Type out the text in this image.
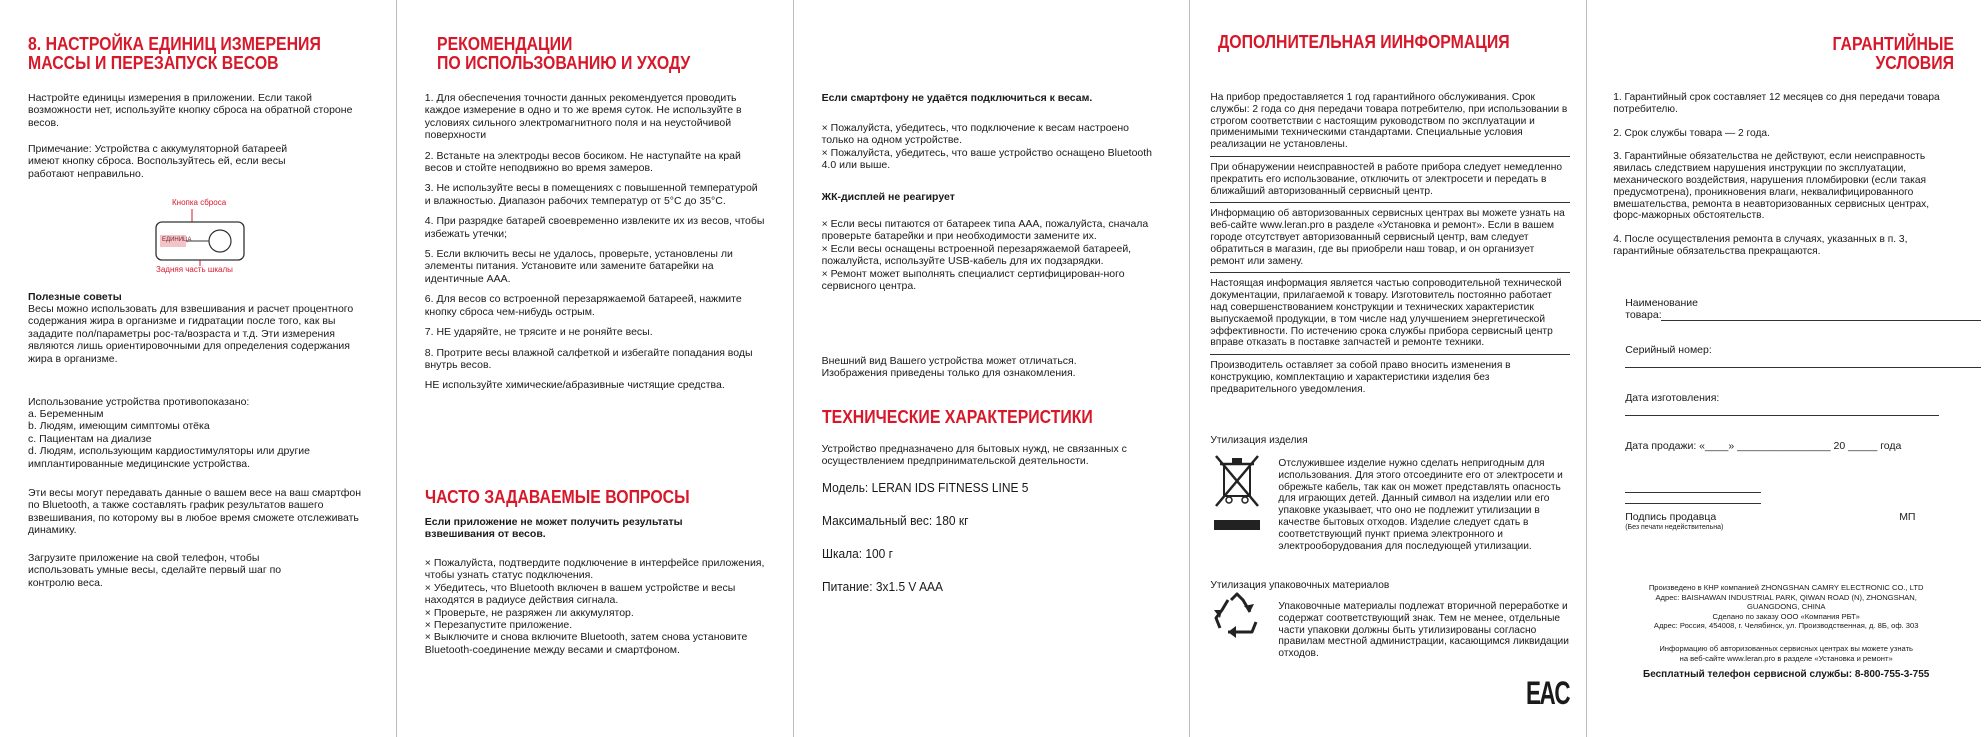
8. НАСТРОЙКА ЕДИНИЦ ИЗМЕРЕНИЯ
МАССЫ И ПЕРЕЗАПУСК ВЕСОВ

Настройте единицы измерения в приложении. Если такой возможности нет, используйте кнопку сброса на обратной стороне весов.

Примечание: Устройства с аккумуляторной батареей имеют кнопку сброса. Воспользуйтесь ей, если весы работают неправильно.

Кнопка сброса
ЕДИНИЦА
Задняя часть шкалы

Полезные советы

Весы можно использовать для взвешивания и расчет процентного содержания жира в организме и гидратации после того, как вы зададите пол/параметры рос-та/возраста и т.д. Эти измерения являются лишь ориентировочными для определения содержания жира в организме.

Использование устройства противопоказано:

a. Беременным

b. Людям, имеющим симптомы отёка

c. Пациентам на диализе

d. Людям, использующим кардиостимуляторы или другие имплантированные медицинские устройства.

Эти весы могут передавать данные о вашем весе на ваш смартфон по Bluetooth, а также составлять график результатов вашего взвешивания, по которому вы в любое время сможете отслеживать динамику.

Загрузите приложение на свой телефон, чтобы использовать умные весы, сделайте первый шаг по контролю веса.

РЕКОМЕНДАЦИИ
ПО ИСПОЛЬЗОВАНИЮ И УХОДУ

1. Для обеспечения точности данных рекомендуется проводить каждое измерение в одно и то же время суток. Не используйте в условиях сильного электромагнитного поля и на неустойчивой поверхности

2. Встаньте на электроды весов босиком. Не наступайте на край весов и стойте неподвижно во время замеров.

3. Не используйте весы в помещениях с повышенной температурой и влажностью. Диапазон рабочих температур от 5°С до 35°С.

4. При разрядке батарей своевременно извлеките их из весов, чтобы избежать утечки;

5. Если включить весы не удалось, проверьте, установлены ли элементы питания. Установите или замените батарейки на идентичные ААА.

6. Для весов со встроенной перезаряжаемой батареей, нажмите кнопку сброса чем-нибудь острым.

7. НЕ ударяйте, не трясите и не роняйте весы.

8. Протрите весы влажной салфеткой и избегайте попадания воды внутрь весов.

НЕ используйте химические/абразивные чистящие средства.

ЧАСТО ЗАДАВАЕМЫЕ ВОПРОСЫ

Если приложение не может получить результаты взвешивания от весов.

× Пожалуйста, подтвердите подключение в интерфейсе приложения, чтобы узнать статус подключения.

× Убедитесь, что Bluetooth включен в вашем устройстве и весы находятся в радиусе действия сигнала.

× Проверьте, не разряжен ли аккумулятор.

× Перезапустите приложение.

× Выключите и снова включите Bluetooth, затем снова установите Bluetooth-соединение между весами и смартфоном.

Если смартфону не удаётся подключиться к весам.

× Пожалуйста, убедитесь, что подключение к весам настроено только на одном устройстве.

× Пожалуйста, убедитесь, что ваше устройство оснащено Bluetooth 4.0 или выше.

ЖК-дисплей не реагирует

× Если весы питаются от батареек типа AAA, пожалуйста, сначала проверьте батарейки и при необходимости замените их.

× Если весы оснащены встроенной перезаряжаемой батареей, пожалуйста, используйте USB-кабель для их подзарядки.

× Ремонт может выполнять специалист сертифицирован-ного сервисного центра.

Внешний вид Вашего устройства может отличаться. Изображения приведены только для ознакомления.

ТЕХНИЧЕСКИЕ ХАРАКТЕРИСТИКИ

Устройство предназначено для бытовых нужд, не связанных с осуществлением предпринимательской деятельности.

Модель: LERAN IDS FITNESS LINE 5

Максимальный вес: 180 кг

Шкала: 100 г

Питание: 3х1.5 V AAA

ДОПОЛНИТЕЛЬНАЯ ИИНФОРМАЦИЯ

На прибор предоставляется 1 год гарантийного обслуживания. Срок службы: 2 года со дня передачи товара потребителю, при использовании в строгом соответствии с настоящим руководством по эксплуатации и применимыми техническими стандартами. Специальные условия реализации не установлены.

При обнаружении неисправностей в работе прибора следует немедленно прекратить его использование, отключить от электросети и передать в ближайший авторизованный сервисный центр.

Информацию об авторизованных сервисных центрах вы можете узнать на веб-сайте www.leran.pro в разделе «Установка и ремонт». Если в вашем городе отсутствует авторизованный сервисный центр, вам следует обратиться в магазин, где вы приобрели наш товар, и он организует ремонт или замену.

Настоящая информация является частью сопроводительной технической документации, прилагаемой к товару. Изготовитель постоянно работает над совершенствованием конструкции и технических характеристик выпускаемой продукции, в том числе над улучшением энергетической эффективности. По истечению срока службы прибора сервисный центр вправе отказать в поставке запчастей и ремонте техники.

Производитель оставляет за собой право вносить изменения в конструкцию, комплектацию и характеристики изделия без предварительного уведомления.

Утилизация изделия

Отслужившее изделие нужно сделать непригодным для использования. Для этого отсоедините его от электросети и обрежьте кабель, так как он может представлять опасность для играющих детей. Данный символ на изделии или его упаковке указывает, что оно не подлежит утилизации в качестве бытовых отходов. Изделие следует сдать в соответствующий пункт приема электронного и электрооборудования для последующей утилизации.

Утилизация упаковочных материалов

Упаковочные материалы подлежат вторичной переработке и содержат соответствующий знак. Тем не менее, отдельные части упаковки должны быть утилизированы согласно правилам местной администрации, касающимся ликвидации отходов.

EAC
ГАРАНТИЙНЫЕ
УСЛОВИЯ

1. Гарантийный срок составляет 12 месяцев со дня передачи товара потребителю.

2. Срок службы товара — 2 года.

3. Гарантийные обязательства не действуют, если неисправность явилась следствием нарушения инструкции по эксплуатации, механического воздействия, нарушения пломбировки (если такая предусмотрена), проникновения влаги, неквалифицированного вмешательства, ремонта в неавторизованных сервисных центрах, форс-мажорных обстоятельств.

4. После осуществления ремонта в случаях, указанных в п. 3, гарантийные обязательства прекращаются.

Наименование

товара:

Серийный номер:

Дата изготовления:

Дата продажи: «____» ________________ 20 _____ года

Подпись продавца

(Без печати недействительна)

МП

Произведено в КНР компанией ZHONGSHAN CAMRY ELECTRONIC CO., LTD

Адрес: BAISHAWAN INDUSTRIAL PARK, QIWAN ROAD (N), ZHONGSHAN,

GUANGDONG, CHINA

Сделано по заказу ООО «Компания РБТ»

Адрес: Россия, 454008, г. Челябинск, ул. Производственная, д. 8Б, оф. 303

Информацию об авторизованных сервисных центрах вы можете узнать

на веб-сайте www.leran.pro в разделе «Установка и ремонт»

Бесплатный телефон сервисной службы: 8-800-755-3-755
